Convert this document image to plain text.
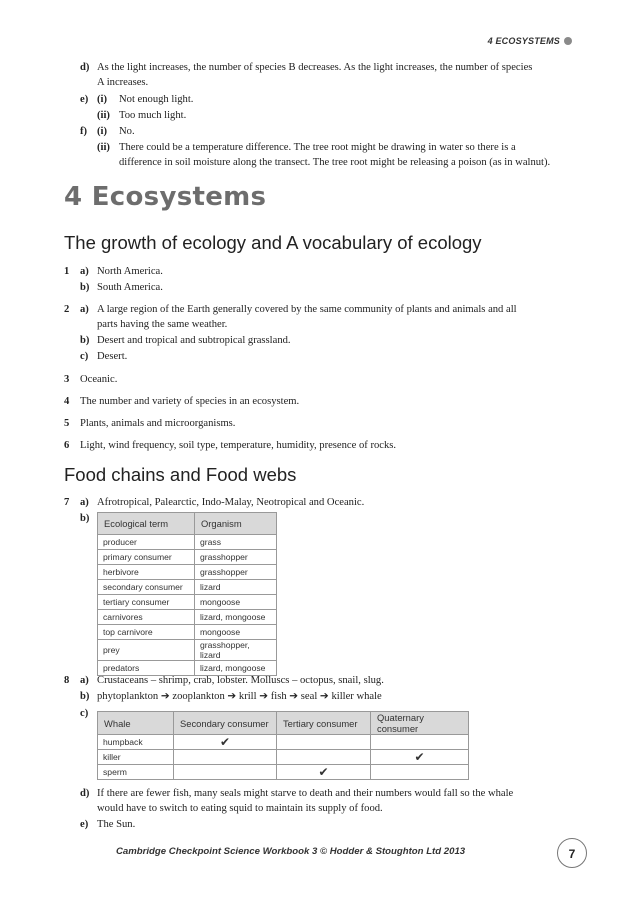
4 ECOSYSTEMS
d) As the light increases, the number of species B decreases. As the light increases, the number of species
A increases.
e) (i) Not enough light.
(ii) Too much light.
f) (i) No.
(ii) There could be a temperature difference. The tree root might be drawing in water so there is a
difference in soil moisture along the transect. The tree root might be releasing a poison (as in walnut).
4 Ecosystems
The growth of ecology and A vocabulary of ecology
1 a) North America.
b) South America.
2 a) A large region of the Earth generally covered by the same community of plants and animals and all
parts having the same weather.
b) Desert and tropical and subtropical grassland.
c) Desert.
3 Oceanic.
4 The number and variety of species in an ecosystem.
5 Plants, animals and microorganisms.
6 Light, wind frequency, soil type, temperature, humidity, presence of rocks.
Food chains and Food webs
7 a) Afrotropical, Palearctic, Indo-Malay, Neotropical and Oceanic.
b) Ecological term	Organism
producer	grass
primary consumer	grasshopper
herbivore	grasshopper
secondary consumer	lizard
tertiary consumer	mongoose
carnivores	lizard, mongoose
top carnivore	mongoose
prey	grasshopper, lizard
predators	lizard, mongoose
8 a) Crustaceans – shrimp, crab, lobster. Molluscs – octopus, snail, slug.
b) phytoplankton ➔ zooplankton ➔ krill ➔ fish ➔ seal ➔ killer whale
c)
Whale	Secondary consumer	Tertiary consumer	Quaternary consumer
humpback	✔		
killer			✔
sperm		✔	
d) If there are fewer fish, many seals might starve to death and their numbers would fall so the whale
would have to switch to eating squid to maintain its supply of food.
e) The Sun.
Cambridge Checkpoint Science Workbook 3 © Hodder & Stoughton Ltd 2013	7
